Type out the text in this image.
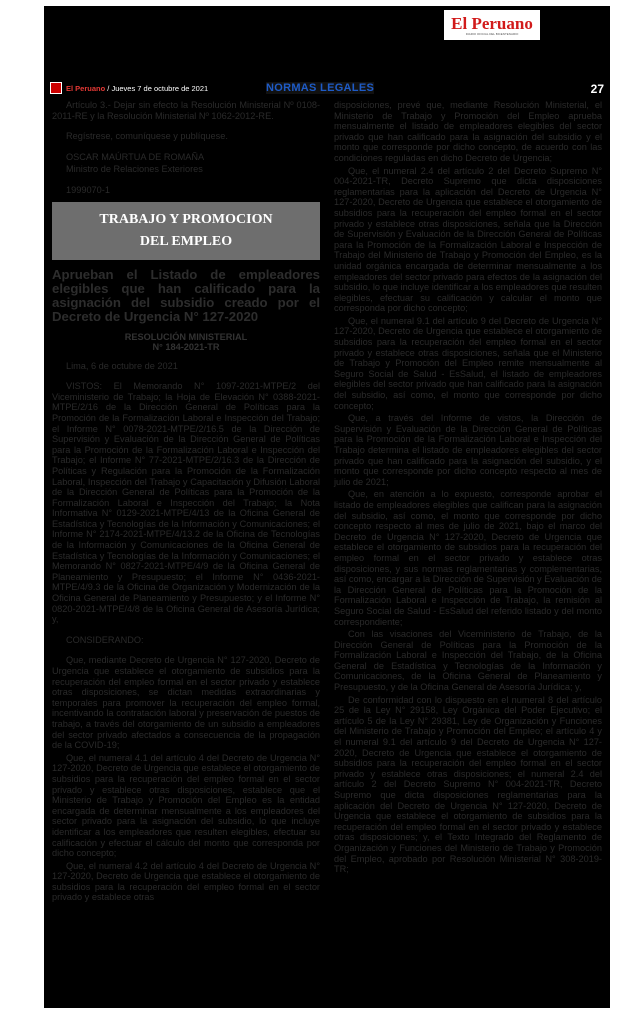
El Peruano
DIARIO OFICIAL DEL BICENTENARIO
El Peruano / Jueves 7 de octubre de 2021	NORMAS LEGALES	27

Artículo 3.- Dejar sin efecto la Resolución Ministerial Nº 0108-2011-RE y la Resolución Ministerial Nº 1062-2012-RE.

Regístrese, comuníquese y publíquese.

OSCAR MAÚRTUA DE ROMAÑA

Ministro de Relaciones Exteriores

1999070-1

TRABAJO Y PROMOCION
DEL EMPLEO

Aprueban el Listado de empleadores elegibles que han calificado para la asignación del subsidio creado por el Decreto de Urgencia N° 127-2020

RESOLUCIÓN MINISTERIAL
N° 184-2021-TR

Lima, 6 de octubre de 2021

VISTOS: El Memorando N° 1097-2021-MTPE/2 del Viceministerio de Trabajo; la Hoja de Elevación N° 0388-2021-MTPE/2/16 de la Dirección General de Políticas para la Promoción de la Formalización Laboral e Inspección del Trabajo; el Informe N° 0078-2021-MTPE/2/16.5 de la Dirección de Supervisión y Evaluación de la Dirección General de Políticas para la Promoción de la Formalización Laboral e Inspección del Trabajo; el Informe N° 77-2021-MTPE/2/16.3 de la Dirección de Políticas y Regulación para la Promoción de la Formalización Laboral, Inspección del Trabajo y Capacitación y Difusión Laboral de la Dirección General de Políticas para la Promoción de la Formalización Laboral e Inspección del Trabajo; la Nota Informativa N° 0129-2021-MTPE/4/13 de la Oficina General de Estadística y Tecnologías de la Información y Comunicaciones; el Informe N° 2174-2021-MTPE/4/13.2 de la Oficina de Tecnologías de la Información y Comunicaciones de la Oficina General de Estadística y Tecnologías de la Información y Comunicaciones; el Memorando N° 0827-2021-MTPE/4/9 de la Oficina General de Planeamiento y Presupuesto; el Informe N° 0436-2021-MTPE/4/9.3 de la Oficina de Organización y Modernización de la Oficina General de Planeamiento y Presupuesto; y el Informe N° 0820-2021-MTPE/4/8 de la Oficina General de Asesoría Jurídica; y,

CONSIDERANDO:

Que, mediante Decreto de Urgencia N° 127-2020, Decreto de Urgencia que establece el otorgamiento de subsidios para la recuperación del empleo formal en el sector privado y establece otras disposiciones, se dictan medidas extraordinarias y temporales para promover la recuperación del empleo formal, incentivando la contratación laboral y preservación de puestos de trabajo, a través del otorgamiento de un subsidio a empleadores del sector privado afectados a consecuencia de la propagación de la COVID-19;

Que, el numeral 4.1 del artículo 4 del Decreto de Urgencia N° 127-2020, Decreto de Urgencia que establece el otorgamiento de subsidios para la recuperación del empleo formal en el sector privado y establece otras disposiciones, establece que el Ministerio de Trabajo y Promoción del Empleo es la entidad encargada de determinar mensualmente a los empleadores del sector privado para la asignación del subsidio, lo que incluye identificar a los empleadores que resulten elegibles, efectuar su calificación y efectuar el cálculo del monto que corresponda por dicho concepto;

Que, el numeral 4.2 del artículo 4 del Decreto de Urgencia N° 127-2020, Decreto de Urgencia que establece el otorgamiento de subsidios para la recuperación del empleo formal en el sector privado y establece otras

disposiciones, prevé que, mediante Resolución Ministerial, el Ministerio de Trabajo y Promoción del Empleo aprueba mensualmente el listado de empleadores elegibles del sector privado que han calificado para la asignación del subsidio y el monto que corresponde por dicho concepto, de acuerdo con las condiciones reguladas en dicho Decreto de Urgencia;

Que, el numeral 2.4 del artículo 2 del Decreto Supremo N° 004-2021-TR, Decreto Supremo que dicta disposiciones reglamentarias para la aplicación del Decreto de Urgencia N° 127-2020, Decreto de Urgencia que establece el otorgamiento de subsidios para la recuperación del empleo formal en el sector privado y establece otras disposiciones, señala que la Dirección de Supervisión y Evaluación de la Dirección General de Políticas para la Promoción de la Formalización Laboral e Inspección de Trabajo del Ministerio de Trabajo y Promoción del Empleo, es la unidad orgánica encargada de determinar mensualmente a los empleadores del sector privado para efectos de la asignación del subsidio, lo que incluye identificar a los empleadores que resulten elegibles, efectuar su calificación y calcular el monto que corresponda por dicho concepto;

Que, el numeral 9.1 del artículo 9 del Decreto de Urgencia N° 127-2020, Decreto de Urgencia que establece el otorgamiento de subsidios para la recuperación del empleo formal en el sector privado y establece otras disposiciones, señala que el Ministerio de Trabajo y Promoción del Empleo remite mensualmente al Seguro Social de Salud - EsSalud, el listado de empleadores elegibles del sector privado que han calificado para la asignación del subsidio, así como, el monto que corresponde por dicho concepto;

Que, a través del Informe de vistos, la Dirección de Supervisión y Evaluación de la Dirección General de Políticas para la Promoción de la Formalización Laboral e Inspección del Trabajo determina el listado de empleadores elegibles del sector privado que han calificado para la asignación del subsidio, y el monto que corresponde por dicho concepto respecto al mes de julio de 2021;

Que, en atención a lo expuesto, corresponde aprobar el listado de empleadores elegibles que califican para la asignación del subsidio, así como, el monto que corresponde por dicho concepto respecto al mes de julio de 2021, bajo el marco del Decreto de Urgencia N° 127-2020, Decreto de Urgencia que establece el otorgamiento de subsidios para la recuperación del empleo formal en el sector privado y establece otras disposiciones, y sus normas reglamentarias y complementarias, así como, encargar a la Dirección de Supervisión y Evaluación de la Dirección General de Políticas para la Promoción de la Formalización Laboral e Inspección de Trabajo, la remisión al Seguro Social de Salud - EsSalud del referido listado y del monto correspondiente;

Con las visaciones del Viceministerio de Trabajo, de la Dirección General de Políticas para la Promoción de la Formalización Laboral e Inspección del Trabajo, de la Oficina General de Estadística y Tecnologías de la Información y Comunicaciones, de la Oficina General de Planeamiento y Presupuesto, y de la Oficina General de Asesoría Jurídica; y,

De conformidad con lo dispuesto en el numeral 8 del artículo 25 de la Ley N° 29158, Ley Orgánica del Poder Ejecutivo; el artículo 5 de la Ley N° 29381, Ley de Organización y Funciones del Ministerio de Trabajo y Promoción del Empleo; el artículo 4 y el numeral 9.1 del artículo 9 del Decreto de Urgencia N° 127-2020, Decreto de Urgencia que establece el otorgamiento de subsidios para la recuperación del empleo formal en el sector privado y establece otras disposiciones; el numeral 2.4 del artículo 2 del Decreto Supremo N° 004-2021-TR, Decreto Supremo que dicta disposiciones reglamentarias para la aplicación del Decreto de Urgencia N° 127-2020, Decreto de Urgencia que establece el otorgamiento de subsidios para la recuperación del empleo formal en el sector privado y establece otras disposiciones; y, el Texto Integrado del Reglamento de Organización y Funciones del Ministerio de Trabajo y Promoción del Empleo, aprobado por Resolución Ministerial N° 308-2019-TR;
